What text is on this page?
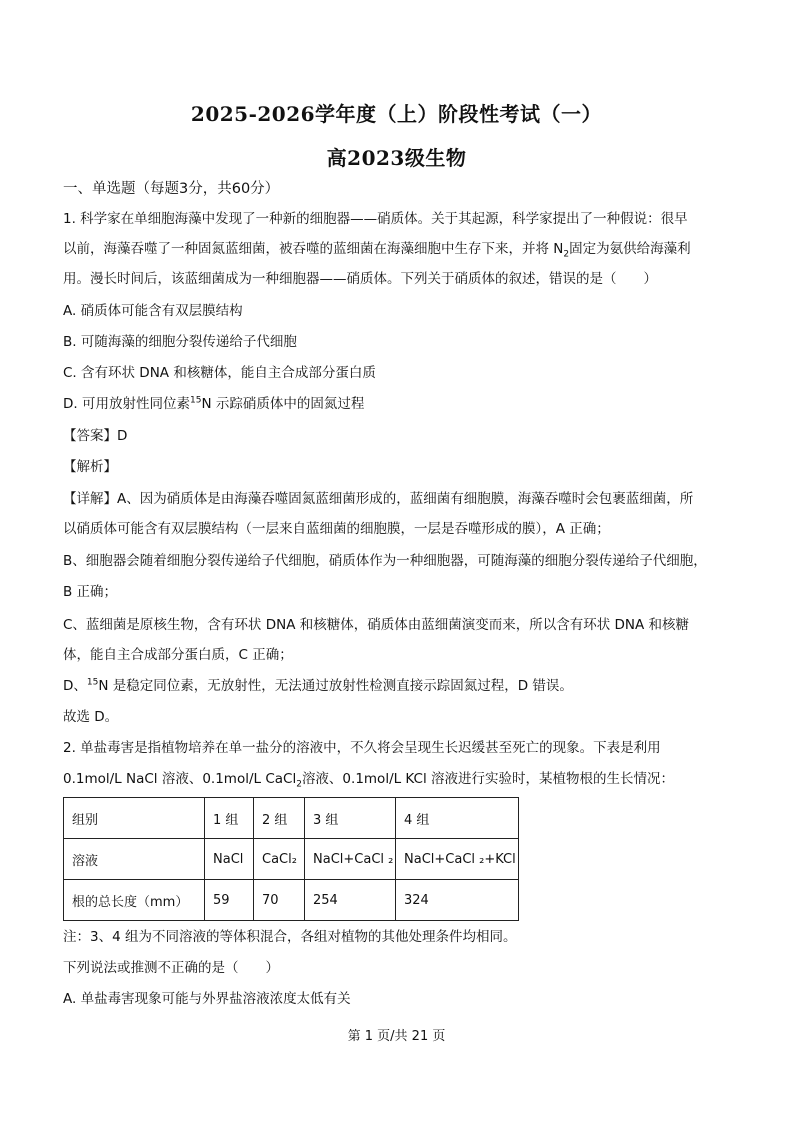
2025-2026学年度（上）阶段性考试（一）
高2023级生物
一、单选题（每题3分，共60分）
1. 科学家在单细胞海藻中发现了一种新的细胞器——硝质体。关于其起源，科学家提出了一种假说：很早
以前，海藻吞噬了一种固氮蓝细菌，被吞噬的蓝细菌在海藻细胞中生存下来，并将 $N_2$固定为氨供给海藻利
用。漫长时间后，该蓝细菌成为一种细胞器——硝质体。下列关于硝质体的叙述，错误的是（　　）
A. 硝质体可能含有双层膜结构
B. 可随海藻的细胞分裂传递给子代细胞
C. 含有环状 DNA 和核糖体，能自主合成部分蛋白质
D. 可用放射性同位素$^{15}$N 示踪硝质体中的固氮过程
【答案】D
【解析】
【详解】A、因为硝质体是由海藻吞噬固氮蓝细菌形成的，蓝细菌有细胞膜，海藻吞噬时会包裹蓝细菌，所
以硝质体可能含有双层膜结构（一层来自蓝细菌的细胞膜，一层是吞噬形成的膜），A 正确；
B、细胞器会随着细胞分裂传递给子代细胞，硝质体作为一种细胞器，可随海藻的细胞分裂传递给子代细胞，
B 正确；
C、蓝细菌是原核生物，含有环状 DNA 和核糖体，硝质体由蓝细菌演变而来，所以含有环状 DNA 和核糖
体，能自主合成部分蛋白质，C 正确；
D、$^{15}$N 是稳定同位素，无放射性，无法通过放射性检测直接示踪固氮过程，D 错误。
故选 D。
2. 单盐毒害是指植物培养在单一盐分的溶液中，不久将会呈现生长迟缓甚至死亡的现象。下表是利用
0.1mol/L NaCl 溶液、0.1mol/L CaCl$_2$溶液、0.1mol/L KCl 溶液进行实验时，某植物根的生长情况：
组别	1 组	2 组	3 组	4 组
溶液	NaCl	CaCl₂	NaCl+CaCl ₂	NaCl+CaCl ₂+KCl
根的总长度（mm）	59	70	254	324
注：3、4 组为不同溶液的等体积混合，各组对植物的其他处理条件均相同。
下列说法或推测不正确的是（　　）
A. 单盐毒害现象可能与外界盐溶液浓度太低有关
第 1 页/共 21 页
